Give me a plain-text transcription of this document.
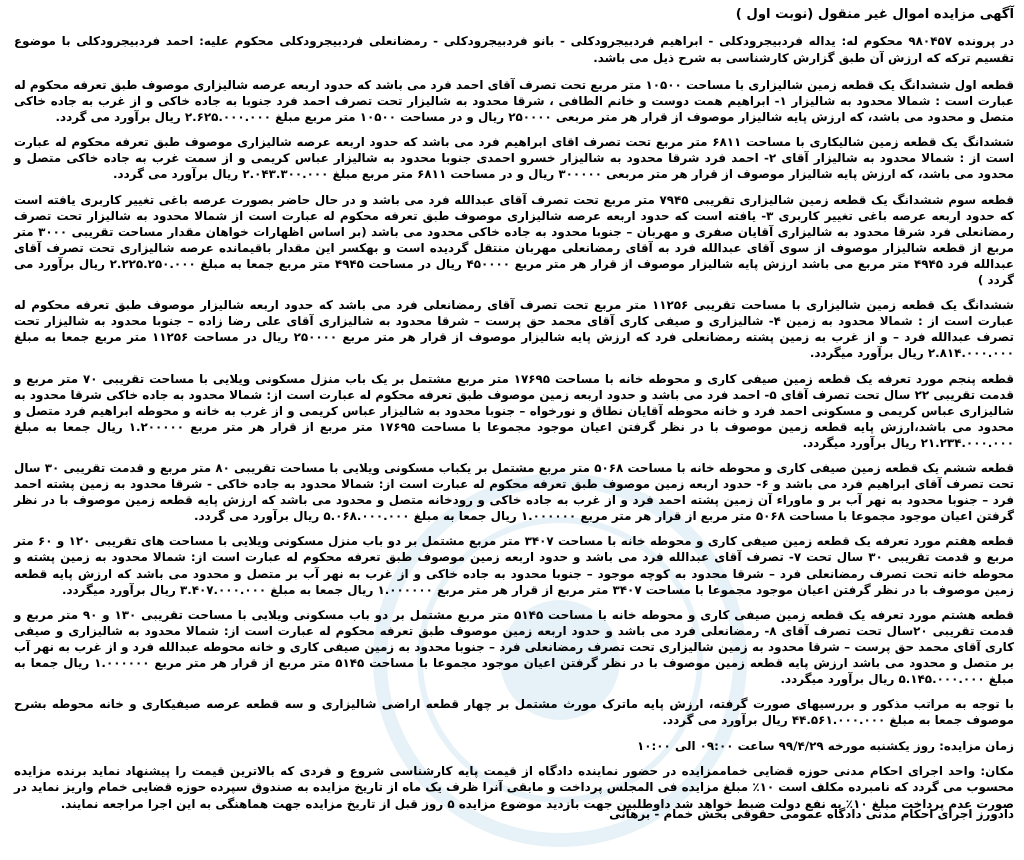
آگهی مزایده اموال غیر منقول (نوبت اول )
در پرونده ۹۸۰۴۵۷ محکوم له: یداله فردبیجرودکلی - ابراهیم فردبیجرودکلی - بانو فردبیجرودکلی - رمضانعلی فردبیجرودکلی محکوم علیه: احمد فردبیجرودکلی با موضوع تقسیم ترکه که ارزش آن طبق گزارش کارشناسی به شرح ذیل می باشد.
قطعه اول ششدانگ یک قطعه زمین شالیزاری با مساحت ۱۰۵۰۰ متر مربع تحت تصرف آقای احمد فرد می باشد که حدود اربعه عرصه شالیزاری موصوف طبق تعرفه محکوم له عبارت است : شمالا محدود به شالیزار ۱- ابراهیم همت دوست و خانم الطافی ، شرقا محدود به شالیزار تحت تصرف احمد فرد جنوبا به جاده خاکی و از غرب به جاده خاکی متصل و محدود می باشد، که ارزش پایه شالیزار موصوف از قرار هر متر مربعی ۲۵۰۰۰۰ ریال و در مساحت ۱۰۵۰۰ متر مربع مبلغ ۲.۶۲۵.۰۰۰.۰۰۰ ریال برآورد می گردد.
ششدانگ یک قطعه زمین شالیکاری با مساحت ۶۸۱۱ متر مربع تحت تصرف اقای ابراهیم فرد می باشد که حدود اربعه عرصه شالیزاری موصوف طبق تعرفه محکوم له عبارت است از : شمالا محدود به شالیزار آقای ۲- احمد فرد شرقا محدود به شالیزار خسرو احمدی جنوبا محدود به شالیزار عباس کریمی و از سمت غرب به جاده خاکی متصل و محدود می باشد، که ارزش پایه شالیزار موصوف از قرار هر متر مربعی ۳۰۰۰۰۰ ریال و در مساحت ۶۸۱۱ متر مربع مبلغ ۲.۰۴۳.۳۰۰.۰۰۰ ریال برآورد می گردد.
قطعه سوم ششدانگ یک قطعه زمین شالیزاری تقریبی ۷۹۴۵ متر مربع تحت تصرف آقای عبدالله فرد می باشد و در حال حاضر بصورت عرصه باغی تغییر کاربری یافته است که حدود اربعه عرصه باغی تغییر کاربری ۳- یافته است که حدود اربعه عرصه شالیزاری موصوف طبق تعرفه محکوم له عبارت است از شمالا محدود به شالیزار تحت تصرف رمضانعلی فرد شرقا محدود به شالیزاری آقایان صفری و مهربان – جنوبا محدود به جاده خاکی محدود می باشد (بر اساس اظهارات خواهان مقدار مساحت تقریبی ۳۰۰۰ متر مربع از قطعه شالیزار موصوف از سوی آقای عبدالله فرد به آقای رمضانعلی مهربان منتقل گردیده است و بهکسر این مقدار باقیمانده عرصه شالیزاری تحت تصرف آقای عبدالله فرد ۴۹۴۵ متر مربع می باشد ارزش پایه شالیزار موصوف از قرار هر متر مربع ۴۵۰۰۰۰ ریال در مساحت ۴۹۴۵ متر مربع جمعا به مبلغ ۲.۲۲۵.۲۵۰.۰۰۰ ریال برآورد می گردد )
ششدانگ یک قطعه زمین شالیزاری با مساحت تقریبی ۱۱۲۵۶ متر مربع تحت تصرف آقای رمضانعلی فرد می باشد که حدود اربعه شالیزار موصوف طبق تعرفه محکوم له عبارت است از : شمالا محدود به زمین ۴- شالیزاری و صیفی کاری آقای محمد حق پرست – شرقا محدود به شالیزاری آقای علی رضا زاده – جنوبا محدود به شالیزار تحت تصرف عبدالله فرد – و از غرب به زمین پشته رمضانعلی فرد که ارزش پایه شالیزار موصوف از قرار هر متر مربع ۲۵۰۰۰۰ ریال در مساحت ۱۱۲۵۶ متر مربع جمعا به مبلغ ۲.۸۱۴.۰۰۰.۰۰۰ ریال برآورد میگردد.
قطعه پنجم مورد تعرفه یک قطعه زمین صیفی کاری و محوطه خانه با مساحت ۱۷۶۹۵ متر مربع مشتمل بر یک باب منزل مسکونی ویلایی با مساحت تقریبی ۷۰ متر مربع و قدمت تقریبی ۲۲ سال تحت تصرف آقای ۵- احمد فرد می باشد و حدود اربعه زمین موصوف طبق تعرفه محکوم له عبارت است از: شمالا محدود به جاده خاکی شرقا محدود به شالیزاری عباس کریمی و مسکونی احمد فرد و خانه محوطه آقایان نطاق و نورخواه – جنوبا محدود به شالیزار عباس کریمی و از غرب به خانه و محوطه ابراهیم فرد متصل و محدود می باشد،ارزش پایه قطعه زمین موصوف با در نظر گرفتن اعیان موجود مجموعا با مساحت ۱۷۶۹۵ متر مربع از قرار هر متر مربع ۱.۲۰۰۰۰۰ ریال جمعا به مبلغ ۲۱.۲۳۴.۰۰۰.۰۰۰ ریال برآورد میگردد.
قطعه ششم یک قطعه زمین صیفی کاری و محوطه خانه با مساحت ۵۰۶۸ متر مربع مشتمل بر یکباب مسکونی ویلایی با مساحت تقریبی ۸۰ متر مربع و قدمت تقریبی ۳۰ سال تحت تصرف آقای ابراهیم فرد می باشد و ۶- حدود اربعه زمین موصوف طبق تعرفه محکوم له عبارت است از: شمالا محدود به جاده خاکی - شرقا محدود به زمین پشته احمد فرد – جنوبا محدود به نهر آب بر و ماوراء آن زمین پشته احمد فرد و از غرب به جاده خاکی و رودخانه متصل و محدود می باشد که ارزش پایه قطعه زمین موصوف با در نظر گرفتن اعیان موجود مجموعا با مساحت ۵۰۶۸ متر مربع از قرار هر متر مربع ۱.۰۰۰۰۰۰ ریال جمعا به مبلغ ۵.۰۶۸.۰۰۰.۰۰۰ ریال برآورد می گردد.
قطعه هفتم مورد تعرفه یک قطعه زمین صیفی کاری و محوطه خانه با مساحت ۳۴۰۷ متر مربع مشتمل بر دو باب منزل مسکونی ویلایی با مساحت های تقریبی ۱۲۰ و ۶۰ متر مربع و قدمت تقریبی ۳۰ سال تحت ۷- تصرف آقای عبدالله فرد می باشد و حدود اربعه زمین موصوف طبق تعرفه محکوم له عبارت است از: شمالا محدود به زمین پشته و محوطه خانه تحت تصرف رمضانعلی فرد – شرقا محدود به کوچه موجود – جنوبا محدود به جاده خاکی و از غرب به نهر آب بر متصل و محدود می باشد که ارزش پایه قطعه زمین موصوف با در نظر گرفتن اعیان موجود مجموعا با مساحت ۳۴۰۷ متر مربع از قرار هر متر مربع ۱.۰۰۰۰۰۰ ریال جمعا به مبلغ ۳.۴۰۷.۰۰۰.۰۰۰ ریال برآورد میگردد.
قطعه هشتم مورد تعرفه یک قطعه زمین صیفی کاری و محوطه خانه با مساحت ۵۱۴۵ متر مربع مشتمل بر دو باب مسکونی ویلایی با مساحت تقریبی ۱۳۰ و ۹۰ متر مربع و قدمت تقریبی ۲۰سال تحت تصرف آقای ۸- رمضانعلی فرد می باشد و حدود اربعه زمین موصوف طبق تعرفه محکوم له عبارت است از: شمالا محدود به شالیزاری و صیفی کاری آقای محمد حق پرست – شرقا محدود به زمین شالیزاری تحت تصرف رمضانعلی فرد – جنوبا محدود به زمین صیفی کاری و خانه محوطه عبدالله فرد و از غرب به نهر آب بر متصل و محدود می باشد ارزش پایه قطعه زمین موصوف با در نظر گرفتن اعیان موجود مجموعا با مساحت ۵۱۴۵ متر مربع از قرار هر متر مربع ۱.۰۰۰۰۰۰ ریال جمعا به مبلغ ۵.۱۴۵.۰۰۰.۰۰۰ ریال برآورد میگردد.
با توجه به مراتب مذکور و بررسیهای صورت گرفته، ارزش پایه ماترک مورث مشتمل بر چهار قطعه اراضی شالیزاری و سه قطعه عرصه صیفیکاری و خانه محوطه بشرح موصوف جمعا به مبلغ ۴۴.۵۶۱.۰۰۰.۰۰۰ ریال برآورد می گردد.
زمان مزایده: روز یکشنبه مورخه ۹۹/۴/۲۹ ساعت ۰۹:۰۰ الی ۱۰:۰۰
مکان: واحد اجرای احکام مدنی حوزه قضایی خماممزایده در حضور نماینده دادگاه از قیمت پایه کارشناسی شروع و فردی که بالاترین قیمت را پیشنهاد نماید برنده مزایده محسوب می گردد که نامبرده مکلف است ۱۰٪ مبلغ مزایده فی المجلس پرداخت و مابقی آنرا ظرف یک ماه از تاریخ مزایده به صندوق سپرده حوزه قضایی خمام واریز نماید در صورت عدم پرداخت مبلغ ۱۰٪ به نفع دولت ضبط خواهد شد داوطلبین جهت بازدید موضوع مزایده ۵ روز قبل از تاریخ مزایده جهت هماهنگی به این اجرا مراجعه نمایند.
دادورز اجرای احکام مدنی دادگاه عمومی حقوقی بخش خمام - برهانی
